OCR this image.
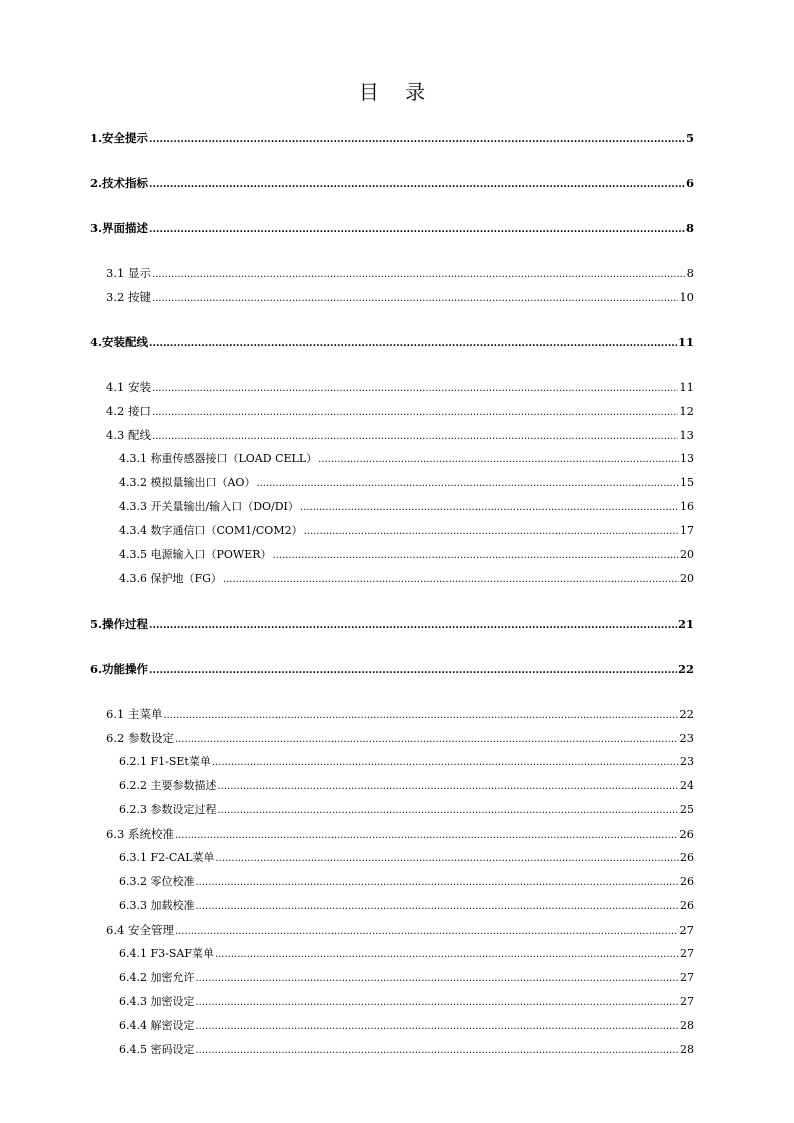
目 录
1.安全提示 .....	5
2.技术指标 .....	6
3.界面描述 .....	8
3.1 显示 .....	8
3.2 按键 .....	10
4.安装配线 .....	11
4.1 安装 .....	11
4.2 接口 .....	12
4.3 配线 .....	13
4.3.1 称重传感器接口（LOAD CELL） .....	13
4.3.2 模拟量输出口（AO） .....	15
4.3.3 开关量输出/输入口（DO/DI） .....	16
4.3.4 数字通信口（COM1/COM2） .....	17
4.3.5 电源输入口（POWER） .....	20
4.3.6 保护地（FG） .....	20
5.操作过程 .....	21
6.功能操作 .....	22
6.1 主菜单 .....	22
6.2 参数设定 .....	23
6.2.1 F1-SEt菜单 .....	23
6.2.2 主要参数描述 .....	24
6.2.3 参数设定过程 .....	25
6.3 系统校准 .....	26
6.3.1 F2-CAL菜单 .....	26
6.3.2 零位校准 .....	26
6.3.3 加载校准 .....	26
6.4 安全管理 .....	27
6.4.1 F3-SAF菜单 .....	27
6.4.2 加密允许 .....	27
6.4.3 加密设定 .....	27
6.4.4 解密设定 .....	28
6.4.5 密码设定 .....	28
